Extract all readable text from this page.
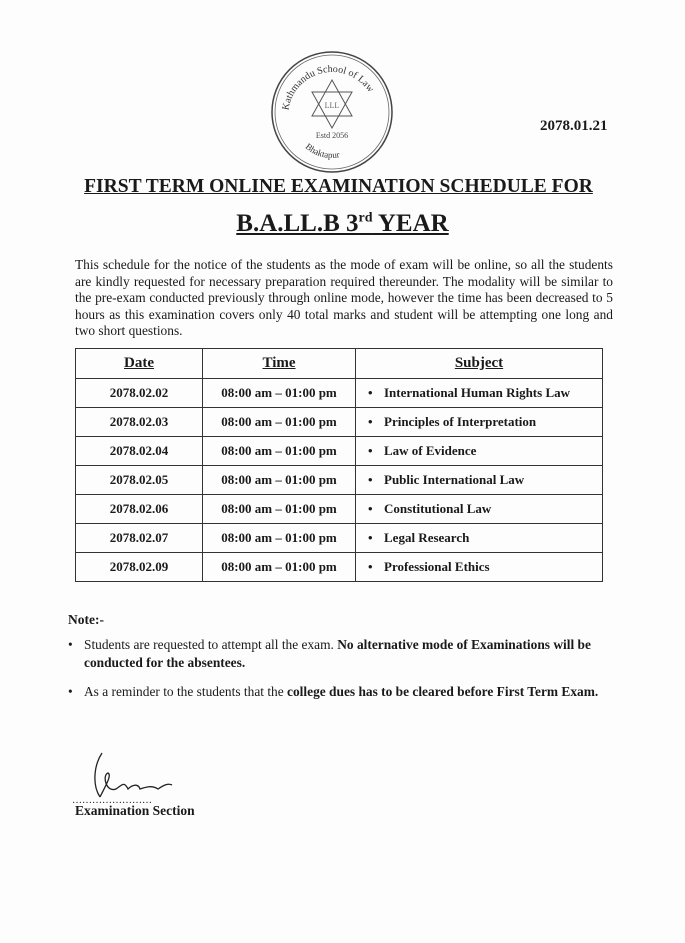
Kathmandu School of Law
LLL
Estd 2056
Bhaktapur
2078.01.21
FIRST TERM ONLINE EXAMINATION SCHEDULE FOR
B.A.LL.B 3rd YEAR
This schedule for the notice of the students as the mode of exam will be online, so all the students are kindly requested for necessary preparation required thereunder. The modality will be similar to the pre-exam conducted previously through online mode, however the time has been decreased to 5 hours as this examination covers only 40 total marks and student will be attempting one long and two short questions.
Date	Time	Subject
2078.02.02	08:00 am – 01:00 pm	• International Human Rights Law
2078.02.03	08:00 am – 01:00 pm	• Principles of Interpretation
2078.02.04	08:00 am – 01:00 pm	• Law of Evidence
2078.02.05	08:00 am – 01:00 pm	• Public International Law
2078.02.06	08:00 am – 01:00 pm	• Constitutional Law
2078.02.07	08:00 am – 01:00 pm	• Legal Research
2078.02.09	08:00 am – 01:00 pm	• Professional Ethics
Note:-
• Students are requested to attempt all the exam. No alternative mode of Examinations will be conducted for the absentees.
• As a reminder to the students that the college dues has to be cleared before First Term Exam.
……………………
Examination Section
